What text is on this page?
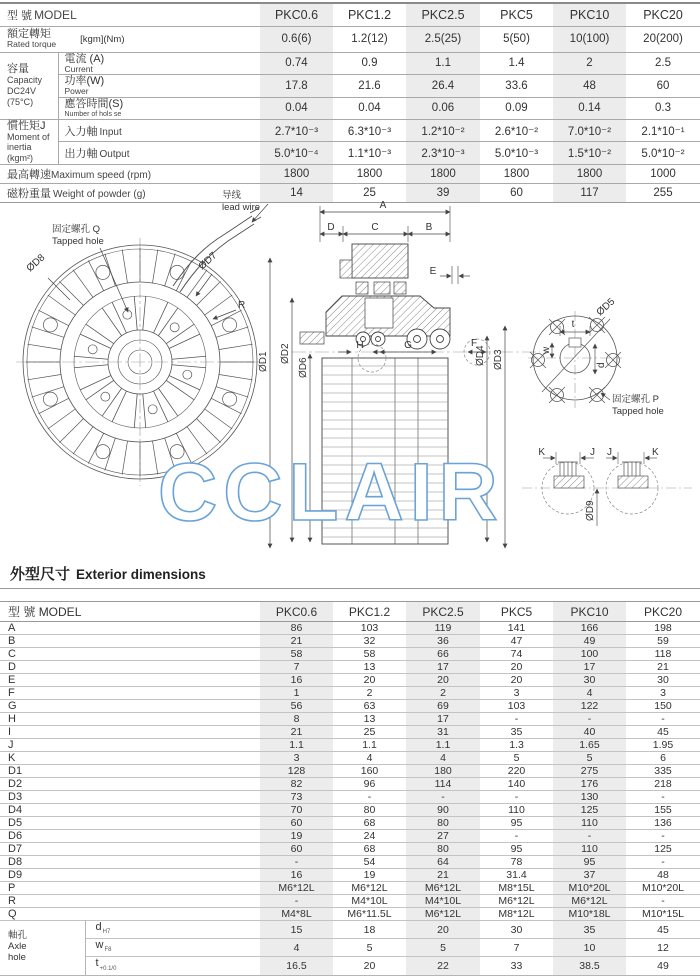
型 號 MODEL		PKC0.6	PKC1.2	PKC2.5	PKC5	PKC10	PKC20

額定轉矩
Rated torque [kgm](Nm)		0.6(6)	1.2(12)	2.5(25)	5(50)	10(100)	20(200)

容量
Capacity
DC24V
(75°C)	電流 (A)
Current	0.74	0.9	1.1	1.4	2	2.5

	功率(W)
Power	17.8	21.6	26.4	33.6	48	60

	應答時間(S)
Number of hols se	0.04	0.04	0.06	0.09	0.14	0.3

慣性矩J
Moment of inertia
(kgm²)	入力軸 Input	2.7*10⁻³	6.3*10⁻³	1.2*10⁻²	2.6*10⁻²	7.0*10⁻²	2.1*10⁻¹
	出力軸 Output	5.0*10⁻⁴	1.1*10⁻³	2.3*10⁻³	5.0*10⁻³	1.5*10⁻²	5.0*10⁻²
最高轉速Maximum speed (rpm)		1800	1800	1800	1800	1800	1000
磁粉重量 Weight of powder (g)		14	25	39	60	117	255
导线
lead wire
固定螺孔 Q
Tapped hole
ØD8	ØD7
R
A
D	C	B
E
H	G	F
ØD1 ØD2
ØD6
ØD4 ØD3
t
w
d
ØD5
固定螺孔 P
Tapped hole
K	J J	K
ØD9
CCLAIR
外型尺寸 Exterior dimensions
型 號 MODEL		PKC0.6	PKC1.2	PKC2.5	PKC5	PKC10	PKC20
A		86	103	119	141	166	198
B		21	32	36	47	49	59
C		58	58	66	74	100	118
D		7	13	17	20	17	21
E		16	20	20	20	30	30
F		1	2	2	3	4	3
G		56	63	69	103	122	150
H		8	13	17	-	-	-
I		21	25	31	35	40	45
J		1.1	1.1	1.1	1.3	1.65	1.95
K		3	4	4	5	5	6
D1		128	160	180	220	275	335
D2		82	96	114	140	176	218
D3		73	-	-	-	130	-
D4		70	80	90	110	125	155
D5		60	68	80	95	110	136
D6		19	24	27	-	-	-
D7		60	68	80	95	110	125
D8		-	54	64	78	95	-
D9		16	19	21	31.4	37	48
P		M6*12L	M6*12L	M6*12L	M8*15L	M10*20L	M10*20L
R		-	M4*10L	M4*10L	M6*12L	M6*12L	-
Q		M4*8L	M6*11.5L	M6*12L	M8*12L	M10*18L	M10*15L

軸孔
Axle
hole	$d_{H7}$	15	18	20	30	35	45
	$w_{F8}$	4	5	5	7	10	12
	$t_{+0.1/0}$	16.5	20	22	33	38.5	49
